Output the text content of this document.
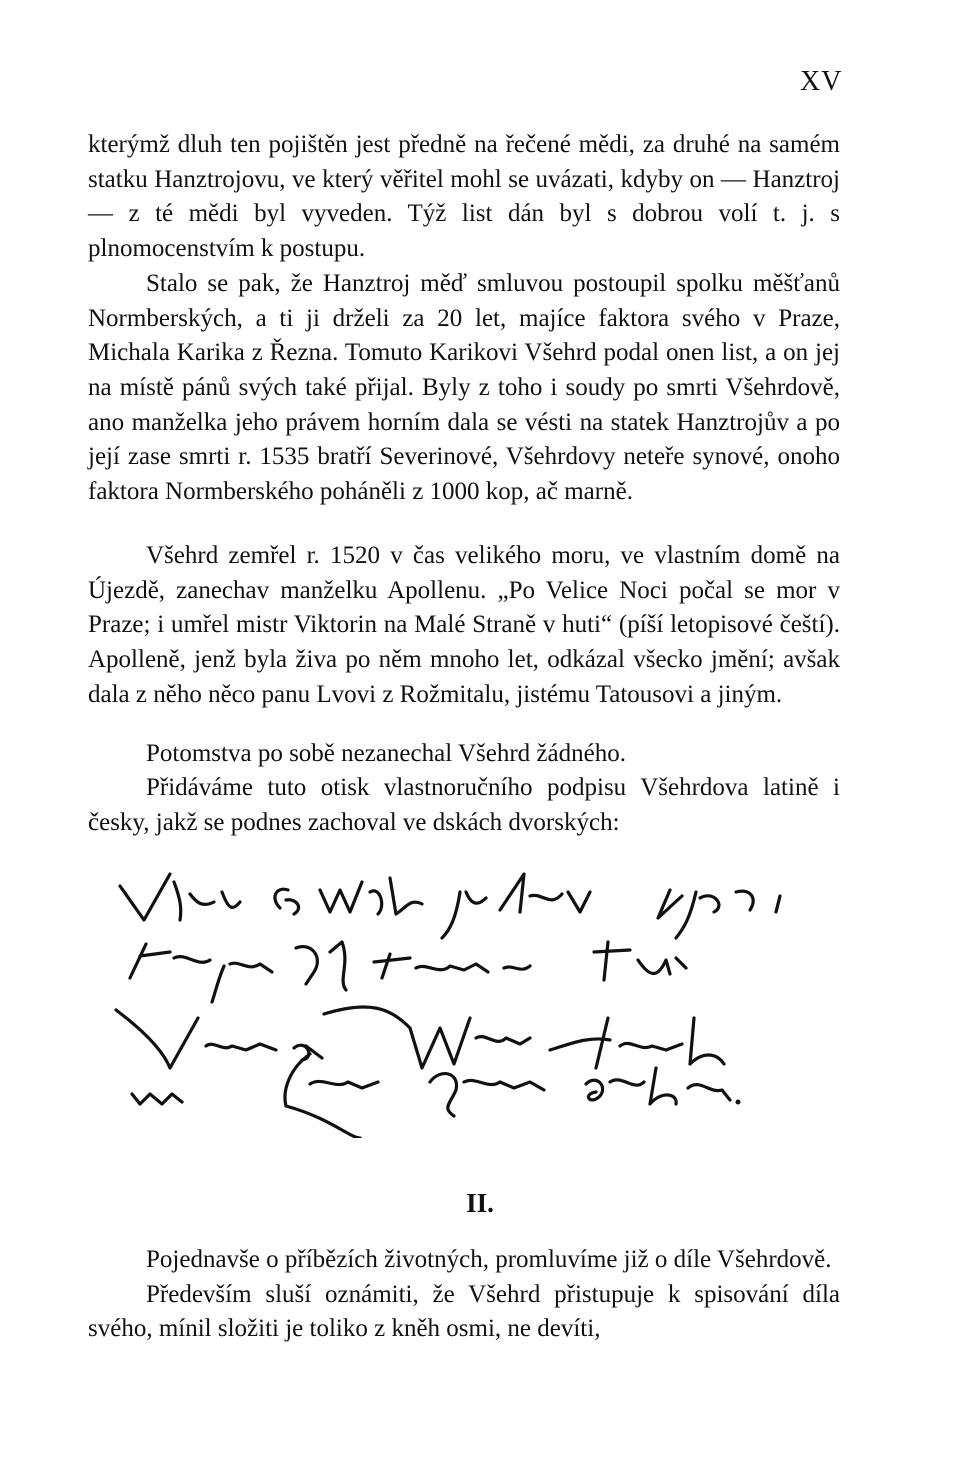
XV

kterýmž dluh ten pojištěn jest předně na řečené mědi, za druhé na samém statku Hanztrojovu, ve který věřitel mohl se uvázati, kdyby on — Hanztroj — z té mědi byl vyveden. Týž list dán byl s dobrou volí t. j. s plnomocenstvím k postupu.

Stalo se pak, že Hanztroj měď smluvou postoupil spolku měšťanů Normberských, a ti ji drželi za 20 let, majíce faktora svého v Praze, Michala Karika z Řezna. Tomuto Karikovi Všehrd podal onen list, a on jej na místě pánů svých také přijal. Byly z toho i soudy po smrti Všehrdově, ano manželka jeho právem horním dala se vésti na statek Hanztrojův a po její zase smrti r. 1535 bratří Severinové, Všehrdovy neteře synové, onoho faktora Normberského poháněli z 1000 kop, ač marně.

Všehrd zemřel r. 1520 v čas velikého moru, ve vlastním domě na Újezdě, zanechav manželku Apollenu. „Po Velice Noci počal se mor v Praze; i umřel mistr Viktorin na Malé Straně v huti“ (píší letopisové čeští). Apolleně, jenž byla živa po něm mnoho let, odkázal všecko jmění; avšak dala z něho něco panu Lvovi z Rožmitalu, jistému Tatousovi a jiným.

Potomstva po sobě nezanechal Všehrd žádného.

Přidáváme tuto otisk vlastnoručního podpisu Všehrdova latině i česky, jakž se podnes zachoval ve dskách dvorských:

II.

Pojednavše o příbězích životných, promluvíme již o díle Všehrdově.

Především sluší oznámiti, že Všehrd přistupuje k spisování díla svého, mínil složiti je toliko z kněh osmi, ne devíti,
